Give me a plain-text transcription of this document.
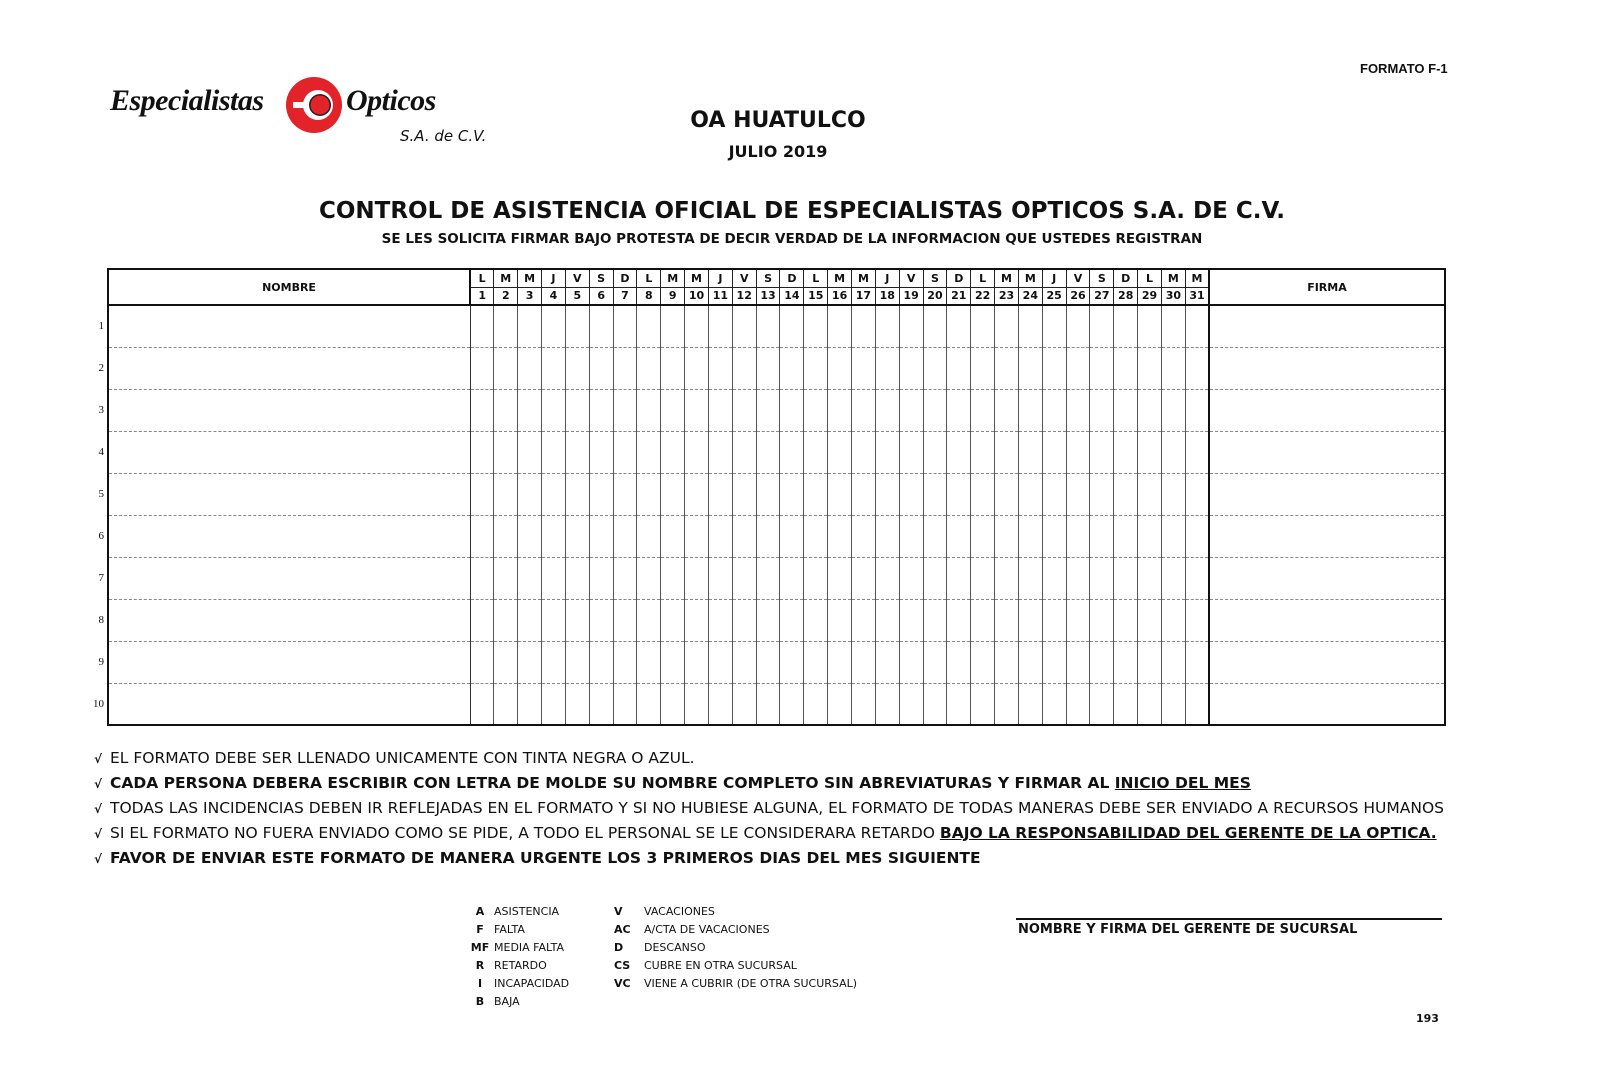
FORMATO F-1
Especialistas	Opticos
S.A. de C.V.
OA HUATULCO
JULIO 2019
CONTROL DE ASISTENCIA OFICIAL DE ESPECIALISTAS OPTICOS S.A. DE C.V.
SE LES SOLICITA FIRMAR BAJO PROTESTA DE DECIR VERDAD DE LA INFORMACION QUE USTEDES REGISTRAN
NOMBRE	L	M	M	J	V	S	D	L	M	M	J	V	S	D	L	M	M	J	V	S	D	L	M	M	J	V	S	D	L	M	M	FIRMA
	1	2	3	4	5	6	7	8	9	10	11	12	13	14	15	16	17	18	19	20	21	22	23	24	25	26	27	28	29	30	31	

1
2
3
4
5
6
7
8
9
10
√ EL FORMATO DEBE SER LLENADO UNICAMENTE CON TINTA NEGRA O AZUL.
√ CADA PERSONA DEBERA ESCRIBIR CON LETRA DE MOLDE SU NOMBRE COMPLETO SIN ABREVIATURAS Y FIRMAR AL INICIO DEL MES
√ TODAS LAS INCIDENCIAS DEBEN IR REFLEJADAS EN EL FORMATO Y SI NO HUBIESE ALGUNA, EL FORMATO DE TODAS MANERAS DEBE SER ENVIADO A RECURSOS HUMANOS
√ SI EL FORMATO NO FUERA ENVIADO COMO SE PIDE, A TODO EL PERSONAL SE LE CONSIDERARA RETARDO BAJO LA RESPONSABILIDAD DEL GERENTE DE LA OPTICA.
√ FAVOR DE ENVIAR ESTE FORMATO DE MANERA URGENTE LOS 3 PRIMEROS DIAS DEL MES SIGUIENTE
A ASISTENCIA
F FALTA
MF MEDIA FALTA
R RETARDO
I INCAPACIDAD
B BAJA
V VACACIONES
AC A/CTA DE VACACIONES
D DESCANSO
CS CUBRE EN OTRA SUCURSAL
VC VIENE A CUBRIR (DE OTRA SUCURSAL)
NOMBRE Y FIRMA DEL GERENTE DE SUCURSAL
193
